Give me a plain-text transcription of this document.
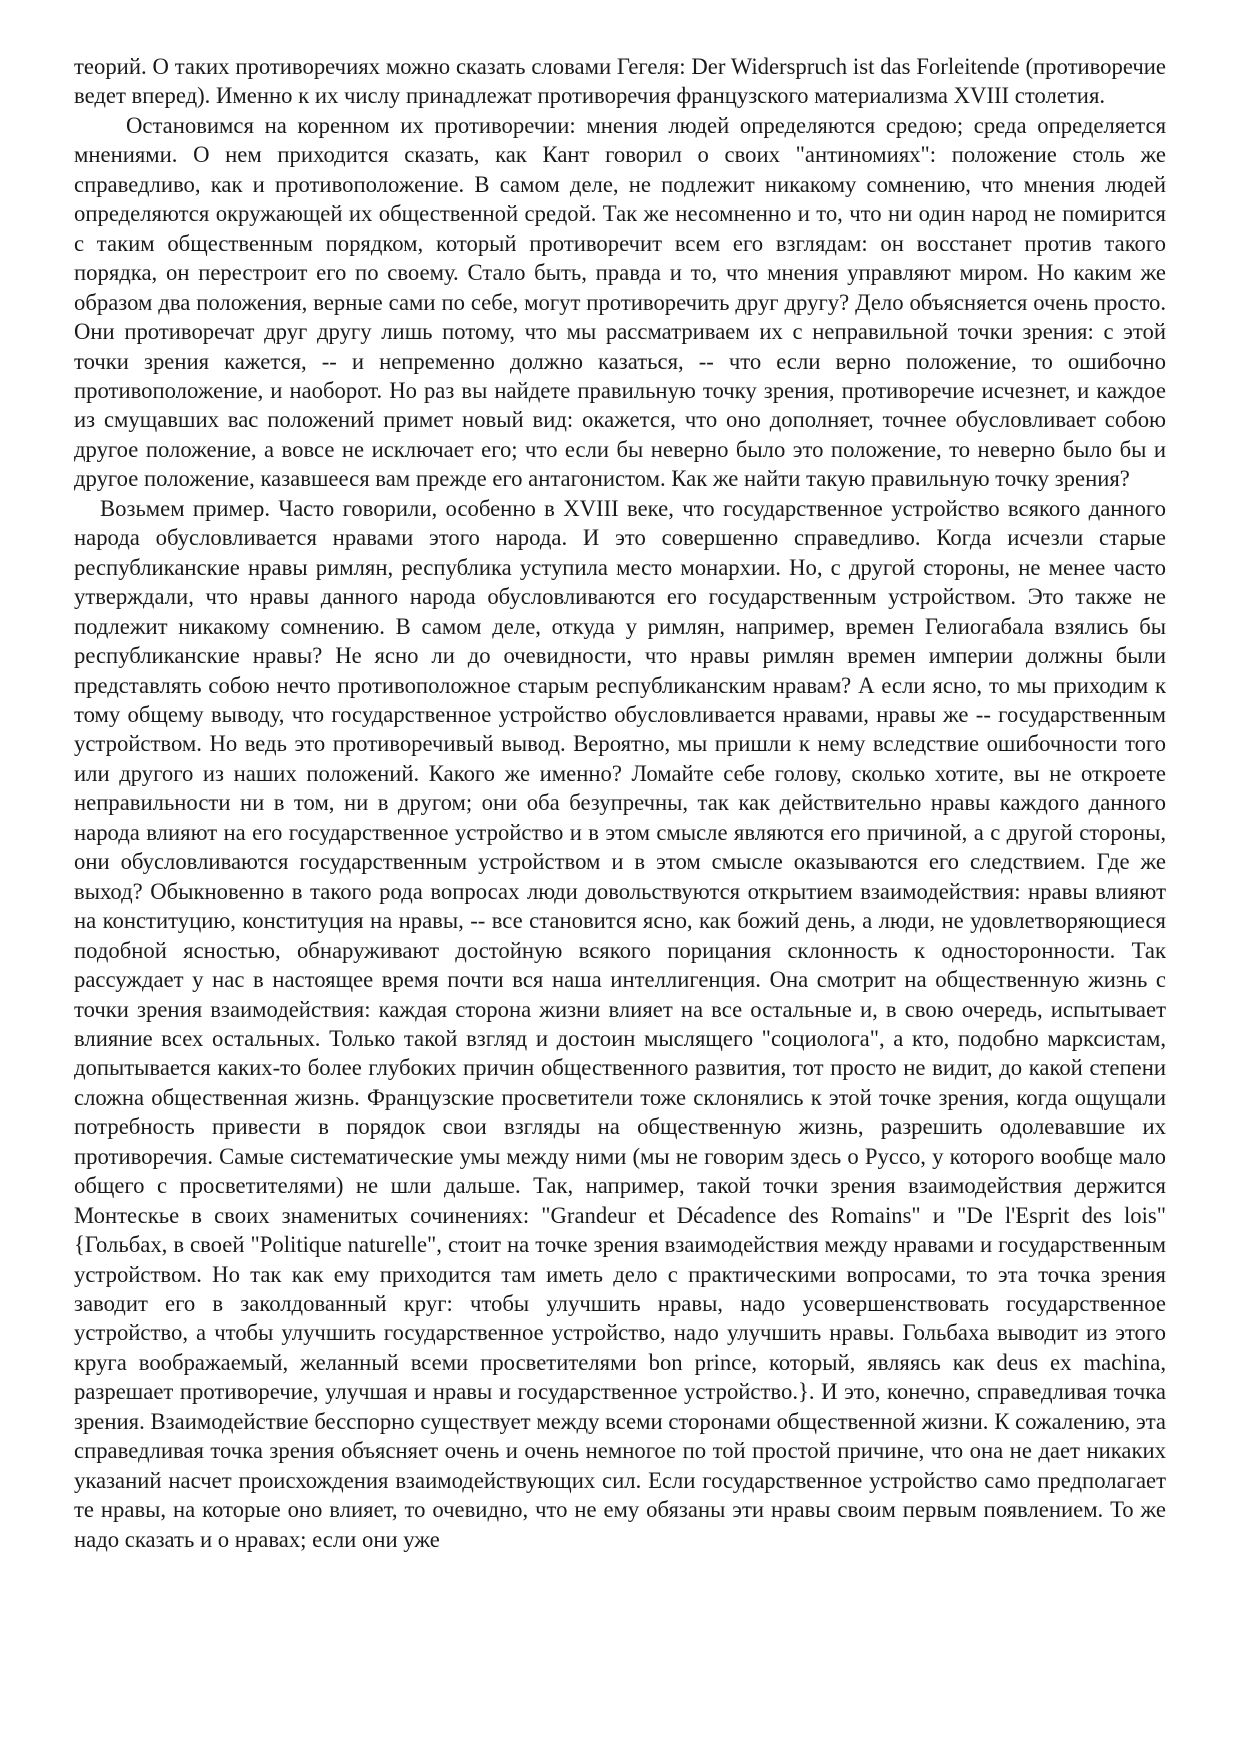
теорий. О таких противоречиях можно сказать словами Гегеля: Der Widerspruch ist das Forleitende (противоречие ведет вперед). Именно к их числу принадлежат противоречия французского материализма XVIII столетия.

Остановимся на коренном их противоречии: мнения людей определяются средою; среда определяется мнениями. О нем приходится сказать, как Кант говорил о своих "антиномиях": положение столь же справедливо, как и противоположение. В самом деле, не подлежит никакому сомнению, что мнения людей определяются окружающей их общественной средой. Так же несомненно и то, что ни один народ не помирится с таким общественным порядком, который противоречит всем его взглядам: он восстанет против такого порядка, он перестроит его по своему. Стало быть, правда и то, что мнения управляют миром. Но каким же образом два положения, верные сами по себе, могут противоречить друг другу? Дело объясняется очень просто. Они противоречат друг другу лишь потому, что мы рассматриваем их с неправильной точки зрения: с этой точки зрения кажется, -- и непременно должно казаться, -- что если верно положение, то ошибочно противоположение, и наоборот. Но раз вы найдете правильную точку зрения, противоречие исчезнет, и каждое из смущавших вас положений примет новый вид: окажется, что оно дополняет, точнее обусловливает собою другое положение, а вовсе не исключает его; что если бы неверно было это положение, то неверно было бы и другое положение, казавшееся вам прежде его антагонистом. Как же найти такую правильную точку зрения?

Возьмем пример. Часто говорили, особенно в XVIII веке, что государственное устройство всякого данного народа обусловливается нравами этого народа. И это совершенно справедливо. Когда исчезли старые республиканские нравы римлян, республика уступила место монархии. Но, с другой стороны, не менее часто утверждали, что нравы данного народа обусловливаются его государственным устройством. Это также не подлежит никакому сомнению. В самом деле, откуда у римлян, например, времен Гелиогабала взялись бы республиканские нравы? Не ясно ли до очевидности, что нравы римлян времен империи должны были представлять собою нечто противоположное старым республиканским нравам? А если ясно, то мы приходим к тому общему выводу, что государственное устройство обусловливается нравами, нравы же -- государственным устройством. Но ведь это противоречивый вывод. Вероятно, мы пришли к нему вследствие ошибочности того или другого из наших положений. Какого же именно? Ломайте себе голову, сколько хотите, вы не откроете неправильности ни в том, ни в другом; они оба безупречны, так как действительно нравы каждого данного народа влияют на его государственное устройство и в этом смысле являются его причиной, а с другой стороны, они обусловливаются государственным устройством и в этом смысле оказываются его следствием. Где же выход? Обыкновенно в такого рода вопросах люди довольствуются открытием взаимодействия: нравы влияют на конституцию, конституция на нравы, -- все становится ясно, как божий день, а люди, не удовлетворяющиеся подобной ясностью, обнаруживают достойную всякого порицания склонность к односторонности. Так рассуждает у нас в настоящее время почти вся наша интеллигенция. Она смотрит на общественную жизнь с точки зрения взаимодействия: каждая сторона жизни влияет на все остальные и, в свою очередь, испытывает влияние всех остальных. Только такой взгляд и достоин мыслящего "социолога", а кто, подобно марксистам, допытывается каких-то более глубоких причин общественного развития, тот просто не видит, до какой степени сложна общественная жизнь. Французские просветители тоже склонялись к этой точке зрения, когда ощущали потребность привести в порядок свои взгляды на общественную жизнь, разрешить одолевавшие их противоречия. Самые систематические умы между ними (мы не говорим здесь о Руссо, у которого вообще мало общего с просветителями) не шли дальше. Так, например, такой точки зрения взаимодействия держится Монтескье в своих знаменитых сочинениях: "Grandeur et Décadence des Romains" и "De l'Esprit des lois" {Гольбах, в своей "Politique naturelle", стоит на точке зрения взаимодействия между нравами и государственным устройством. Но так как ему приходится там иметь дело с практическими вопросами, то эта точка зрения заводит его в заколдованный круг: чтобы улучшить нравы, надо усовершенствовать государственное устройство, а чтобы улучшить государственное устройство, надо улучшить нравы. Гольбаха выводит из этого круга воображаемый, желанный всеми просветителями bon prince, который, являясь как deus ex machina, разрешает противоречие, улучшая и нравы и государственное устройство.}. И это, конечно, справедливая точка зрения. Взаимодействие бесспорно существует между всеми сторонами общественной жизни. К сожалению, эта справедливая точка зрения объясняет очень и очень немногое по той простой причине, что она не дает никаких указаний насчет происхождения взаимодействующих сил. Если государственное устройство само предполагает те нравы, на которые оно влияет, то очевидно, что не ему обязаны эти нравы своим первым появлением. То же надо сказать и о нравах; если они уже
